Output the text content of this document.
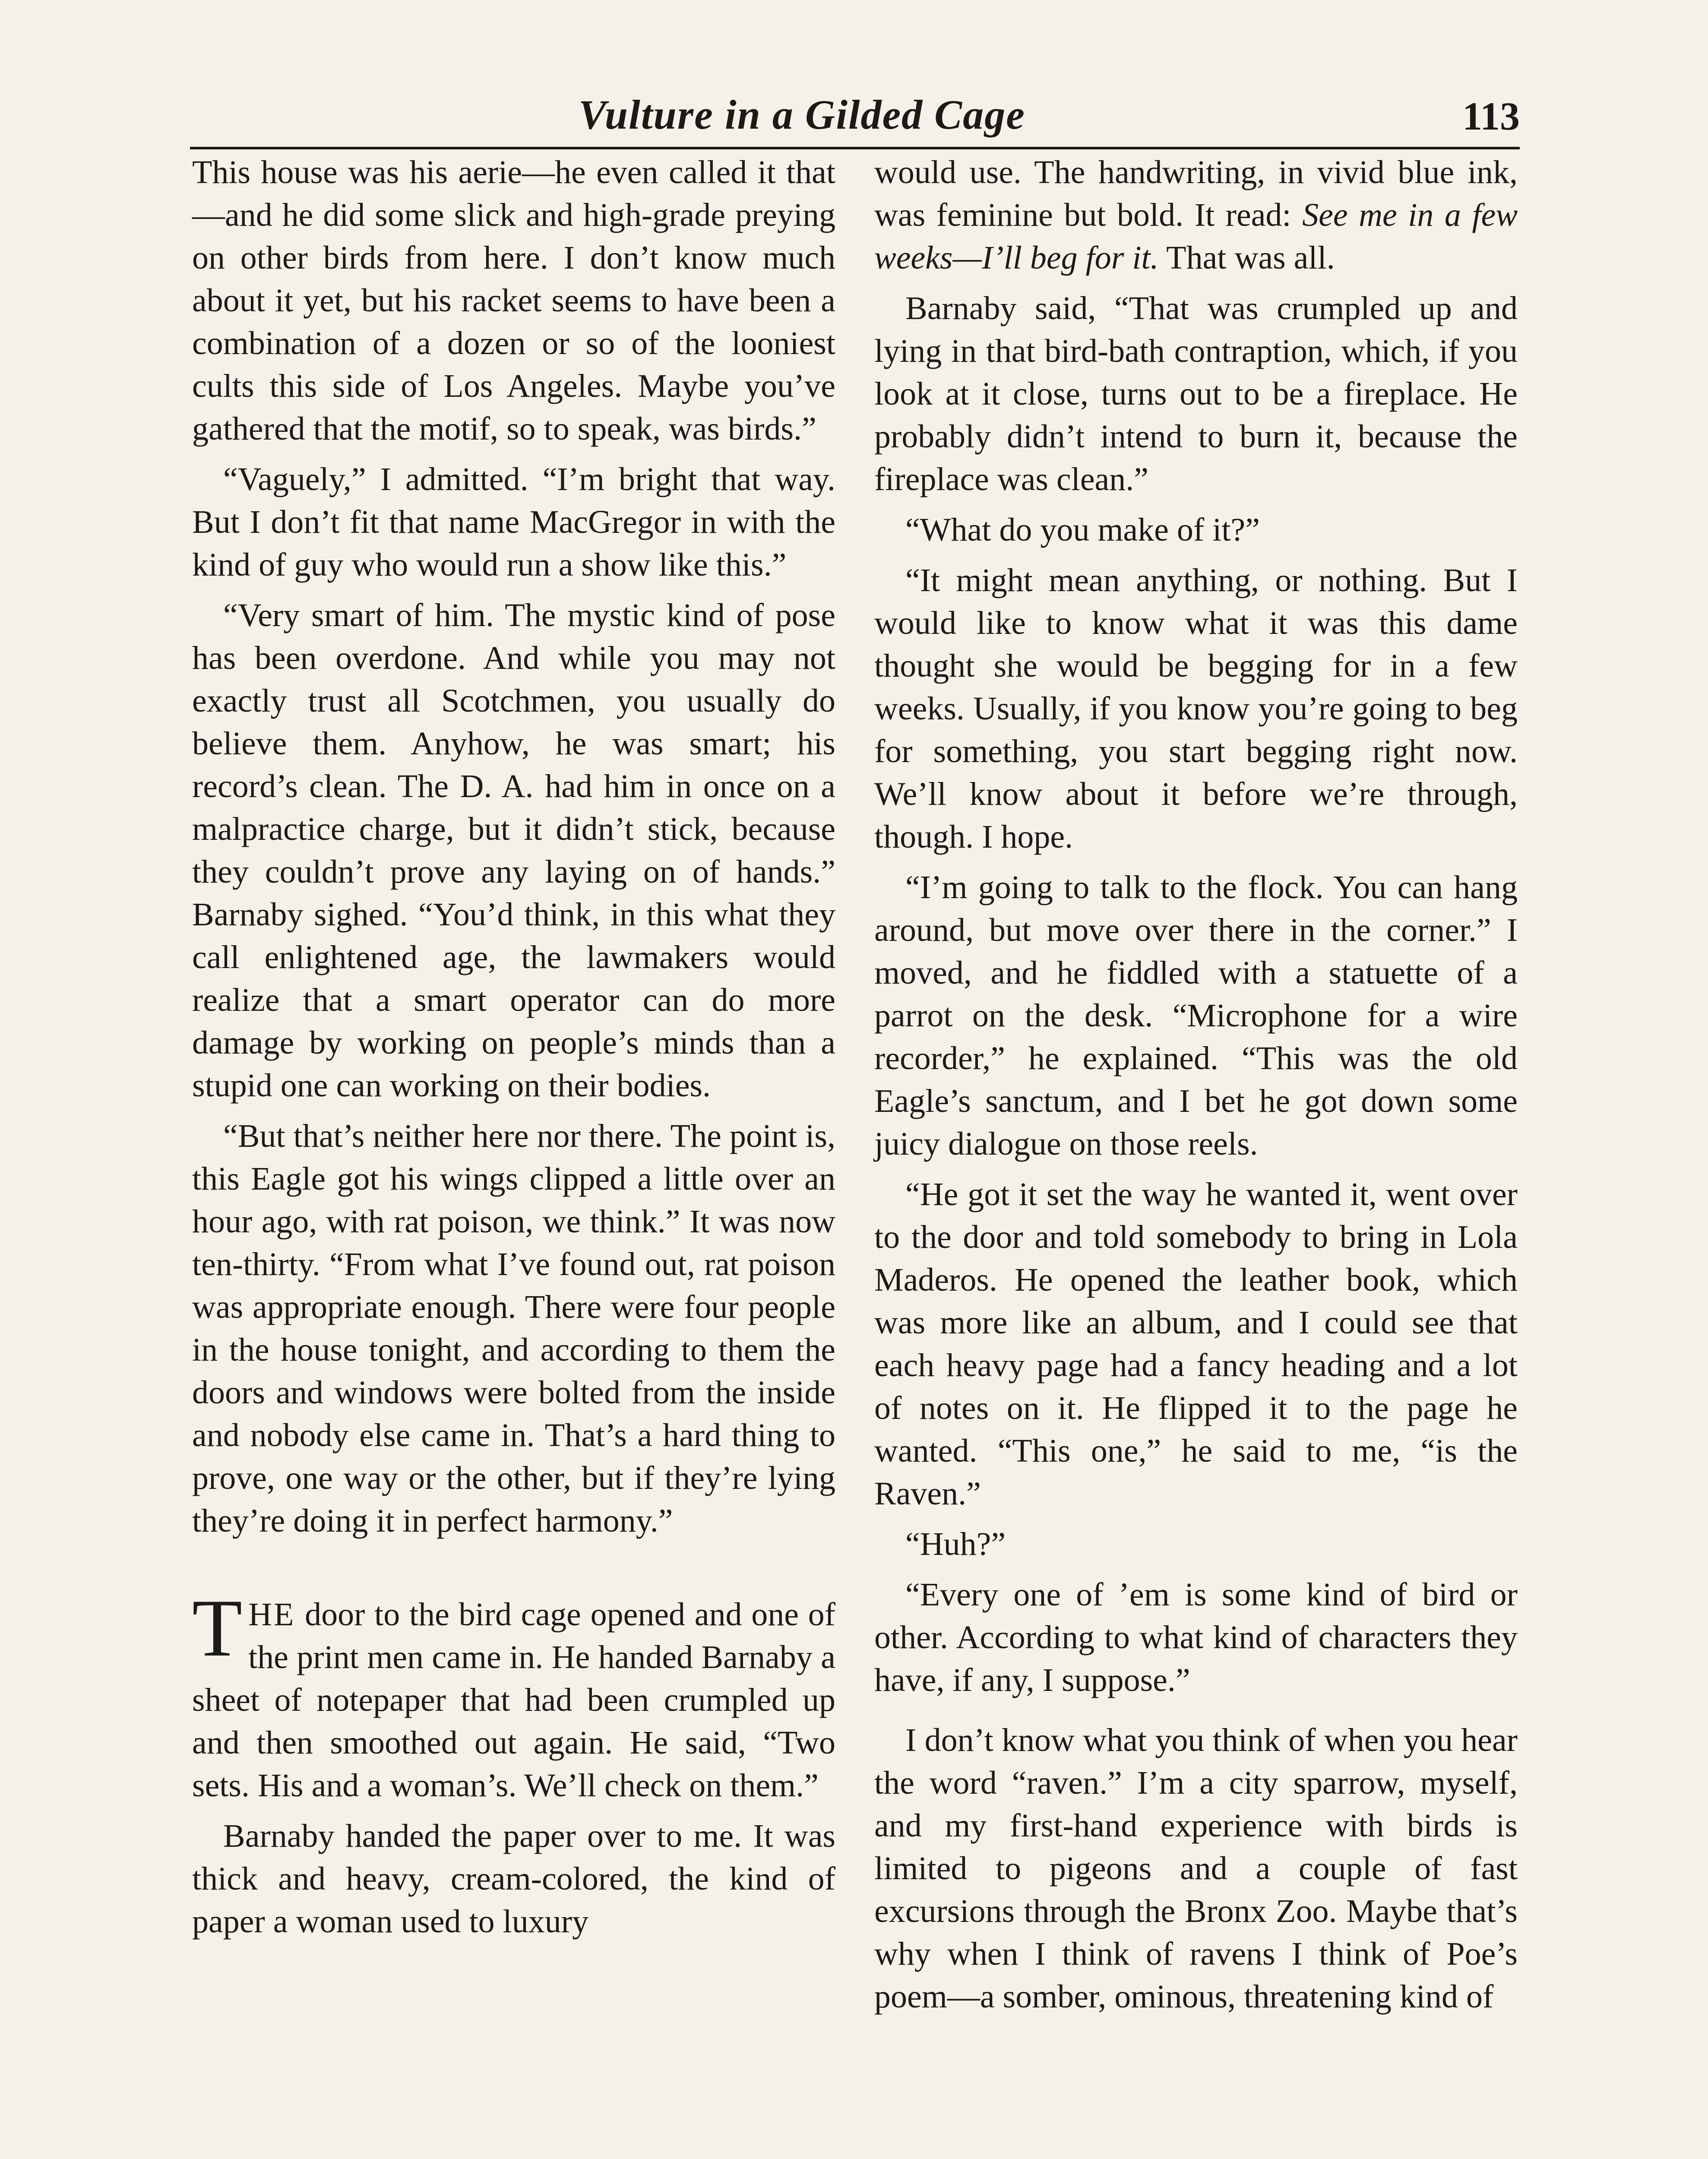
Vulture in a Gilded Cage	113

This house was his aerie—he even called it that—and he did some slick and high-grade preying on other birds from here. I don’t know much about it yet, but his racket seems to have been a combination of a dozen or so of the looniest cults this side of Los Angeles. Maybe you’ve gathered that the motif, so to speak, was birds.”

“Vaguely,” I admitted. “I’m bright that way. But I don’t fit that name MacGregor in with the kind of guy who would run a show like this.”

“Very smart of him. The mystic kind of pose has been overdone. And while you may not exactly trust all Scotchmen, you usually do believe them. Anyhow, he was smart; his record’s clean. The D. A. had him in once on a malpractice charge, but it didn’t stick, because they couldn’t prove any laying on of hands.” Barnaby sighed. “You’d think, in this what they call enlightened age, the lawmakers would realize that a smart operator can do more damage by working on people’s minds than a stupid one can working on their bodies.

“But that’s neither here nor there. The point is, this Eagle got his wings clipped a little over an hour ago, with rat poison, we think.” It was now ten-thirty. “From what I’ve found out, rat poison was appropriate enough. There were four people in the house tonight, and according to them the doors and windows were bolted from the inside and nobody else came in. That’s a hard thing to prove, one way or the other, but if they’re lying they’re doing it in perfect harmony.”

THE door to the bird cage opened and one of the print men came in. He handed Barnaby a sheet of notepaper that had been crumpled up and then smoothed out again. He said, “Two sets. His and a woman’s. We’ll check on them.”

Barnaby handed the paper over to me. It was thick and heavy, cream-colored, the kind of paper a woman used to luxury

would use. The handwriting, in vivid blue ink, was feminine but bold. It read: See me in a few weeks—I’ll beg for it. That was all.

Barnaby said, “That was crumpled up and lying in that bird-bath contraption, which, if you look at it close, turns out to be a fireplace. He probably didn’t intend to burn it, because the fireplace was clean.”

“What do you make of it?”

“It might mean anything, or nothing. But I would like to know what it was this dame thought she would be begging for in a few weeks. Usually, if you know you’re going to beg for something, you start begging right now. We’ll know about it before we’re through, though. I hope.

“I’m going to talk to the flock. You can hang around, but move over there in the corner.” I moved, and he fiddled with a statuette of a parrot on the desk. “Microphone for a wire recorder,” he explained. “This was the old Eagle’s sanctum, and I bet he got down some juicy dialogue on those reels.

“He got it set the way he wanted it, went over to the door and told somebody to bring in Lola Maderos. He opened the leather book, which was more like an album, and I could see that each heavy page had a fancy heading and a lot of notes on it. He flipped it to the page he wanted. “This one,” he said to me, “is the Raven.”

“Huh?”

“Every one of ’em is some kind of bird or other. According to what kind of characters they have, if any, I suppose.”

I don’t know what you think of when you hear the word “raven.” I’m a city sparrow, myself, and my first-hand experience with birds is limited to pigeons and a couple of fast excursions through the Bronx Zoo. Maybe that’s why when I think of ravens I think of Poe’s poem—a somber, ominous, threatening kind of
